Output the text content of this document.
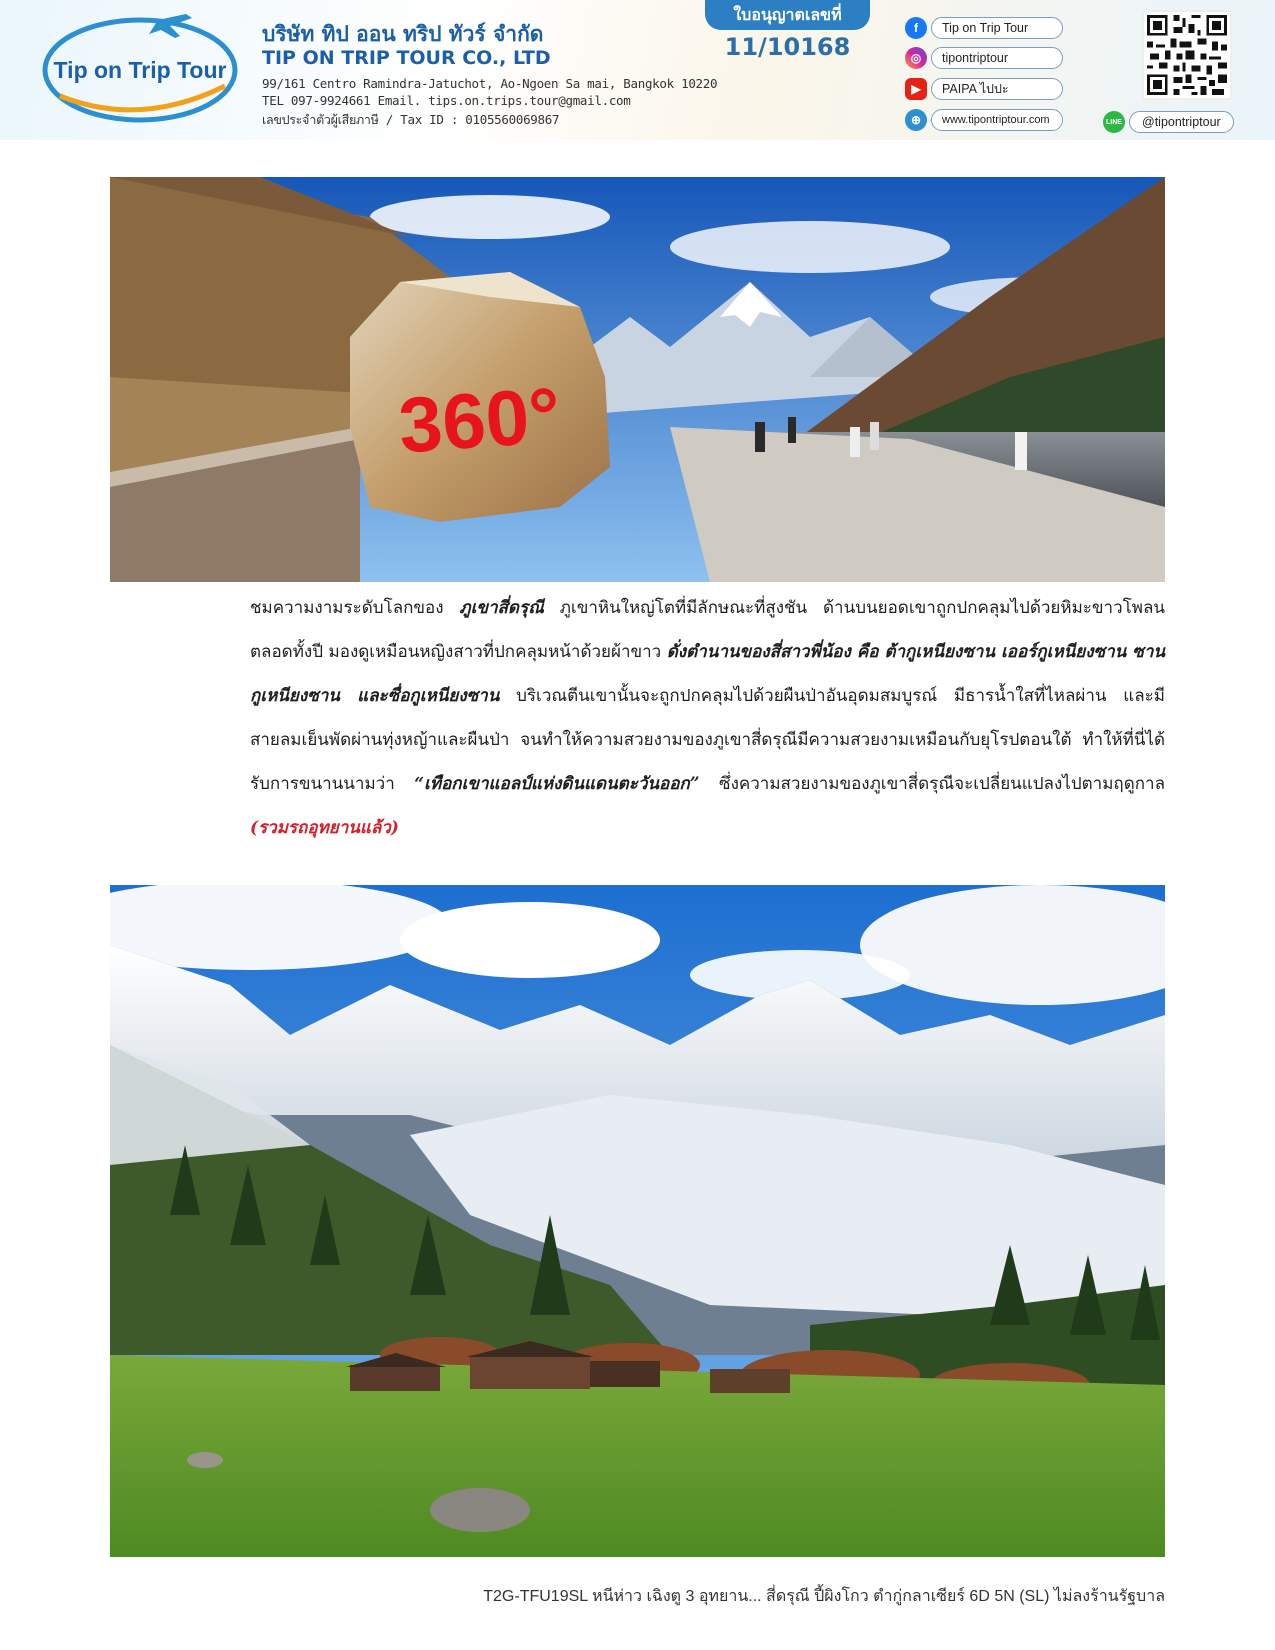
Tip on Trip Tour
บริษัท ทิป ออน ทริป ทัวร์ จำกัด
TIP ON TRIP TOUR CO., LTD
99/161 Centro Ramindra-Jatuchot, Ao-Ngoen Sa mai, Bangkok 10220
TEL 097-9924661 Email. tips.on.trips.tour@gmail.com
เลขประจำตัวผู้เสียภาษี / Tax ID : 0105560069867
ใบอนุญาตเลขที่
11/10168
f	Tip on Trip Tour
◎	tipontriptour
▶	PAIPA ไปปะ
⊕	www.tipontriptour.com	LINE	@tipontriptour
360°
ชมความงามระดับโลกของ ภูเขาสี่ดรุณี ภูเขาหินใหญ่โตที่มีลักษณะที่สูงชัน ด้านบนยอดเขาถูกปกคลุมไปด้วยหิมะขาวโพลนตลอดทั้งปี มองดูเหมือนหญิงสาวที่ปกคลุมหน้าด้วยผ้าขาว ดั่งตำนานของสี่สาวพี่น้อง คือ ต้ากูเหนียงซาน เออร์กูเหนียงซาน ซานกูเหนียงซาน และซื่อกูเหนียงซาน บริเวณตีนเขานั้นจะถูกปกคลุมไปด้วยผืนป่าอันอุดมสมบูรณ์ มีธารน้ำใสที่ไหลผ่าน และมีสายลมเย็นพัดผ่านทุ่งหญ้าและผืนป่า จนทำให้ความสวยงามของภูเขาสี่ดรุณีมีความสวยงามเหมือนกับยุโรปตอนใต้ ทำให้ที่นี่ได้รับการขนานนามว่า “เทือกเขาแอลป์แห่งดินแดนตะวันออก” ซึ่งความสวยงามของภูเขาสี่ดรุณีจะเปลี่ยนแปลงไปตามฤดูกาล (รวมรถอุทยานแล้ว)
T2G-TFU19SL หนีห่าว เฉิงตู 3 อุทยาน... สี่ดรุณี ปี้ผิงโกว ตำกู่กลาเซียร์ 6D 5N (SL) ไม่ลงร้านรัฐบาล
